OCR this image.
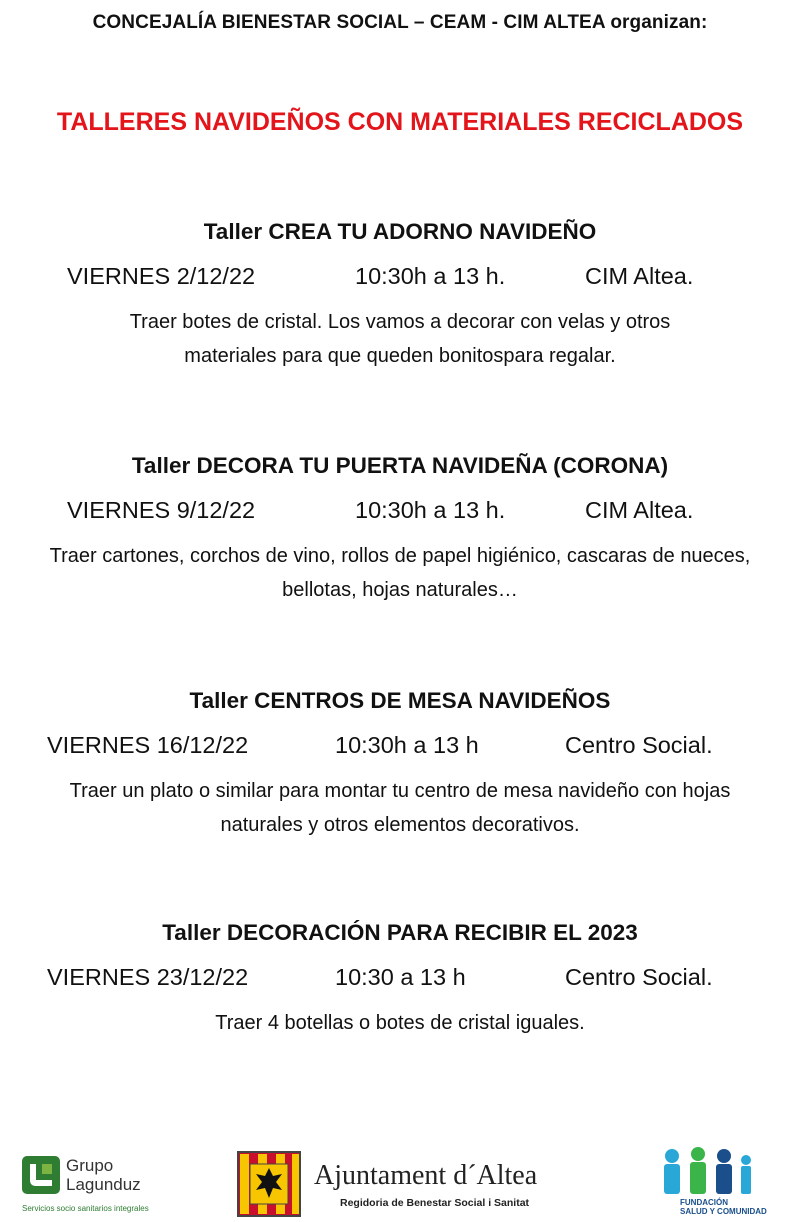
CONCEJALÍA BIENESTAR SOCIAL – CEAM - CIM ALTEA organizan:
TALLERES NAVIDEÑOS CON MATERIALES RECICLADOS
Taller CREA TU ADORNO NAVIDEÑO
VIERNES 2/12/22	10:30h a 13 h.	CIM Altea.
Traer botes de cristal. Los vamos a decorar con velas y otros materiales para que queden bonitospara regalar.
Taller DECORA TU PUERTA NAVIDEÑA (CORONA)
VIERNES 9/12/22	10:30h a 13 h.	CIM Altea.
Traer cartones, corchos de vino, rollos de papel higiénico, cascaras de nueces, bellotas, hojas naturales…
Taller CENTROS DE MESA NAVIDEÑOS
VIERNES 16/12/22	10:30h a 13 h	Centro Social.
Traer un plato o similar para montar tu centro de mesa navideño con hojas naturales y otros elementos decorativos.
Taller DECORACIÓN PARA RECIBIR EL 2023
VIERNES 23/12/22	10:30 a 13 h	Centro Social.
Traer 4 botellas o botes de cristal iguales.
Grupo
Lagunduz
Servicios socio sanitarios integrales
Ajuntament d´Altea
Regidoria de Benestar Social i Sanitat	FUNDACIÓN
SALUD Y COMUNIDAD
